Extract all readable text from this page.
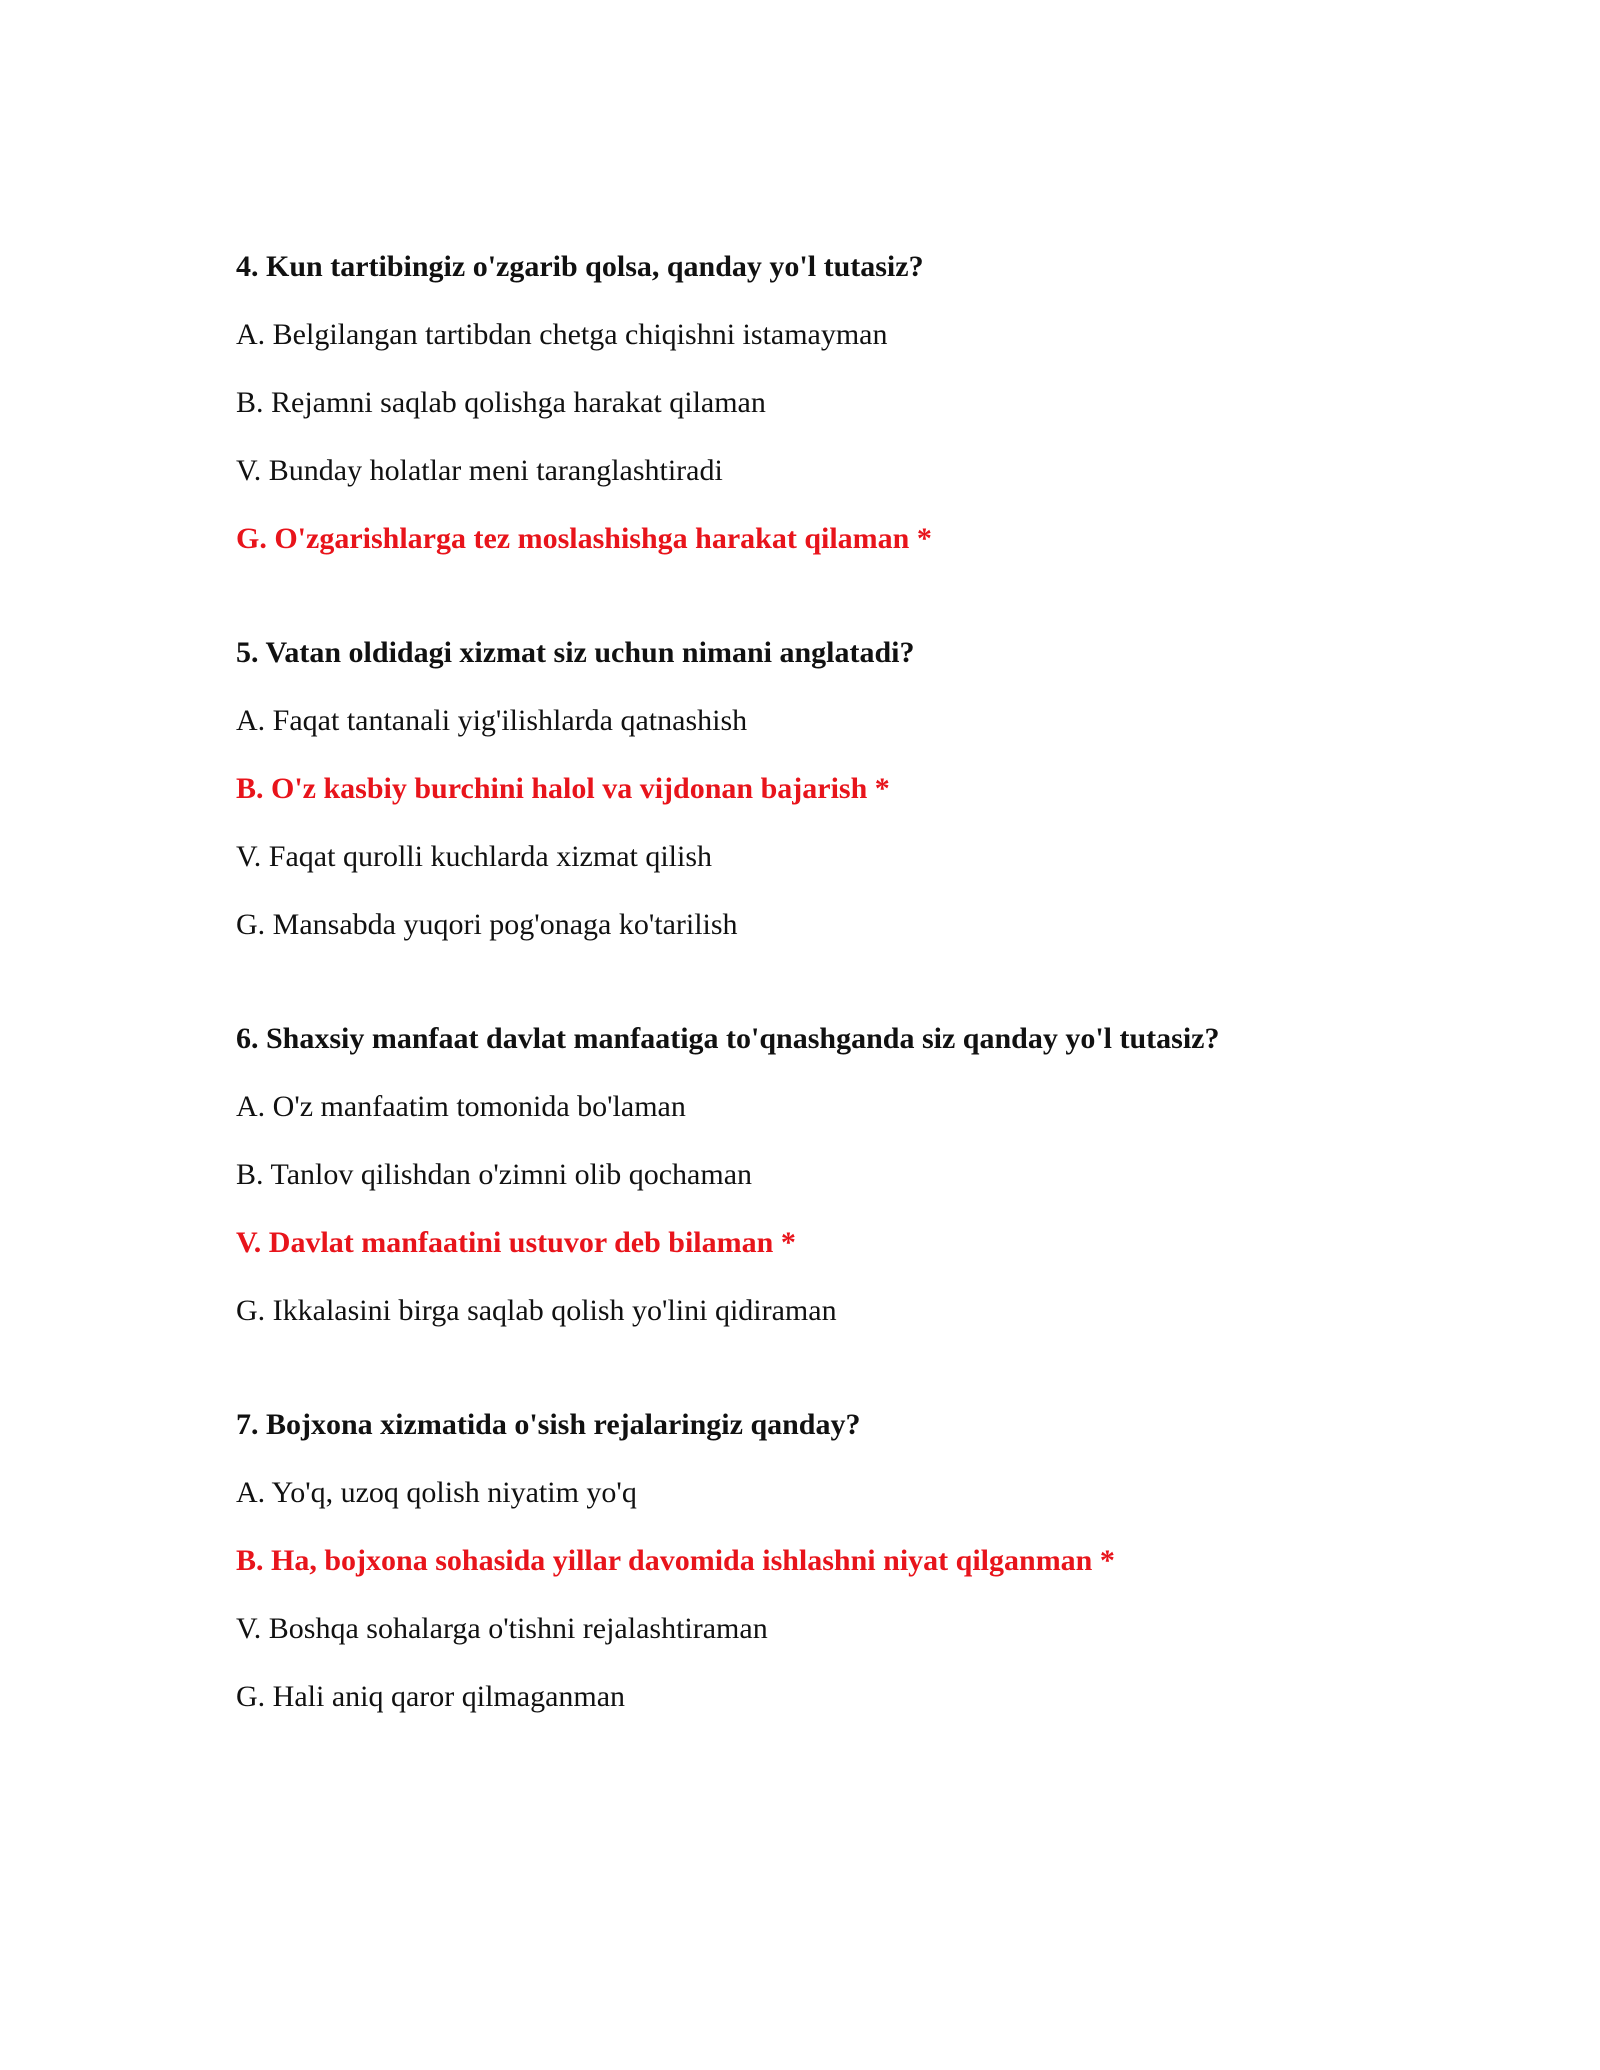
4. Kun tartibingiz o'zgarib qolsa, qanday yo'l tutasiz?
A. Belgilangan tartibdan chetga chiqishni istamayman
B. Rejamni saqlab qolishga harakat qilaman
V. Bunday holatlar meni taranglashtiradi
G. O'zgarishlarga tez moslashishga harakat qilaman *
5. Vatan oldidagi xizmat siz uchun nimani anglatadi?
A. Faqat tantanali yig'ilishlarda qatnashish
B. O'z kasbiy burchini halol va vijdonan bajarish *
V. Faqat qurolli kuchlarda xizmat qilish
G. Mansabda yuqori pog'onaga ko'tarilish
6. Shaxsiy manfaat davlat manfaatiga to'qnashganda siz qanday yo'l tutasiz?
A. O'z manfaatim tomonida bo'laman
B. Tanlov qilishdan o'zimni olib qochaman
V. Davlat manfaatini ustuvor deb bilaman *
G. Ikkalasini birga saqlab qolish yo'lini qidiraman
7. Bojxona xizmatida o'sish rejalaringiz qanday?
A. Yo'q, uzoq qolish niyatim yo'q
B. Ha, bojxona sohasida yillar davomida ishlashni niyat qilganman *
V. Boshqa sohalarga o'tishni rejalashtiraman
G. Hali aniq qaror qilmaganman
